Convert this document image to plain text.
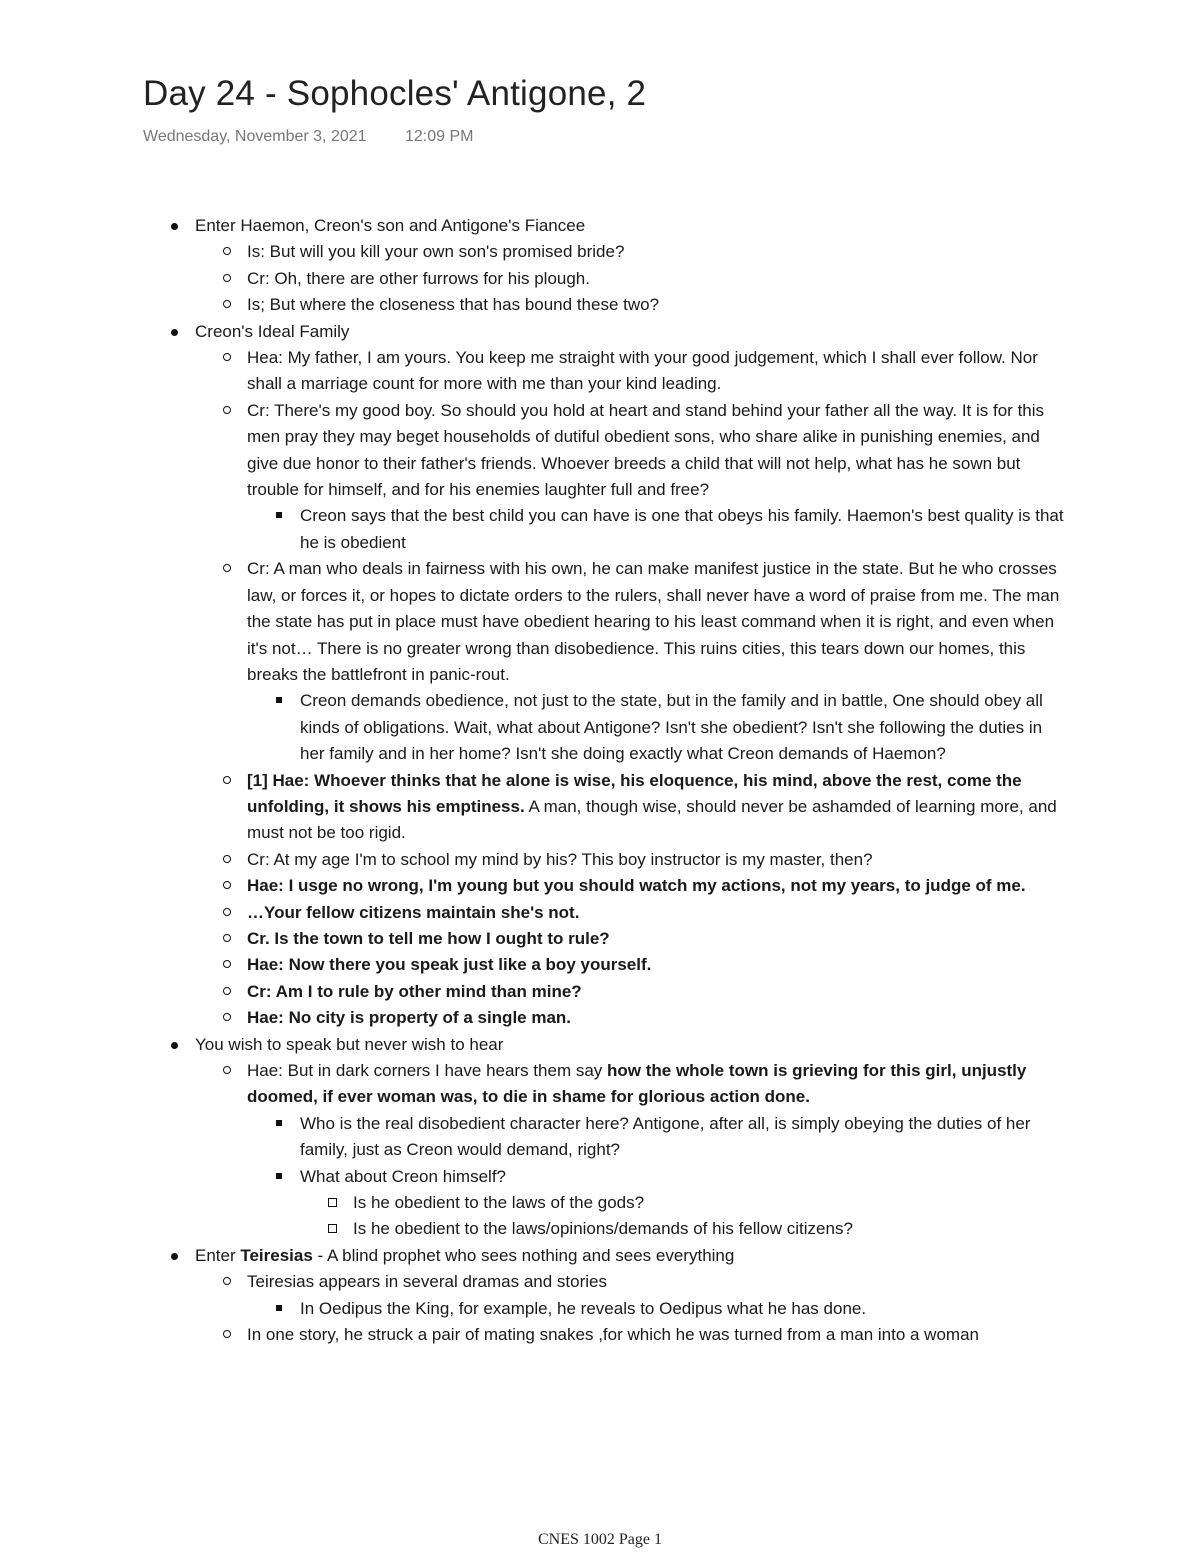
Day 24 - Sophocles' Antigone, 2
Wednesday, November 3, 2021 12:09 PM
Enter Haemon, Creon's son and Antigone's Fiancee
Is: But will you kill your own son's promised bride?
Cr: Oh, there are other furrows for his plough.
Is; But where the closeness that has bound these two?
Creon's Ideal Family
Hea: My father, I am yours. You keep me straight with your good judgement, which I shall ever follow. Nor shall a marriage count for more with me than your kind leading.
Cr: There's my good boy. So should you hold at heart and stand behind your father all the way. It is for this men pray they may beget households of dutiful obedient sons, who share alike in punishing enemies, and give due honor to their father's friends. Whoever breeds a child that will not help, what has he sown but trouble for himself, and for his enemies laughter full and free?
Creon says that the best child you can have is one that obeys his family. Haemon's best quality is that he is obedient
Cr: A man who deals in fairness with his own, he can make manifest justice in the state. But he who crosses law, or forces it, or hopes to dictate orders to the rulers, shall never have a word of praise from me. The man the state has put in place must have obedient hearing to his least command when it is right, and even when it's not… There is no greater wrong than disobedience. This ruins cities, this tears down our homes, this breaks the battlefront in panic-rout.
Creon demands obedience, not just to the state, but in the family and in battle, One should obey all kinds of obligations. Wait, what about Antigone? Isn't she obedient? Isn't she following the duties in her family and in her home? Isn't she doing exactly what Creon demands of Haemon?
[1] Hae: Whoever thinks that he alone is wise, his eloquence, his mind, above the rest, come the unfolding, it shows his emptiness. A man, though wise, should never be ashamded of learning more, and must not be too rigid.
Cr: At my age I'm to school my mind by his? This boy instructor is my master, then?
Hae: I usge no wrong, I'm young but you should watch my actions, not my years, to judge of me.
…Your fellow citizens maintain she's not.
Cr. Is the town to tell me how I ought to rule?
Hae: Now there you speak just like a boy yourself.
Cr: Am I to rule by other mind than mine?
Hae: No city is property of a single man.
You wish to speak but never wish to hear
Hae: But in dark corners I have hears them say how the whole town is grieving for this girl, unjustly doomed, if ever woman was, to die in shame for glorious action done.
Who is the real disobedient character here? Antigone, after all, is simply obeying the duties of her family, just as Creon would demand, right?
What about Creon himself?
Is he obedient to the laws of the gods?
Is he obedient to the laws/opinions/demands of his fellow citizens?
Enter Teiresias - A blind prophet who sees nothing and sees everything
Teiresias appears in several dramas and stories
In Oedipus the King, for example, he reveals to Oedipus what he has done.
In one story, he struck a pair of mating snakes ,for which he was turned from a man into a woman
CNES 1002 Page 1
